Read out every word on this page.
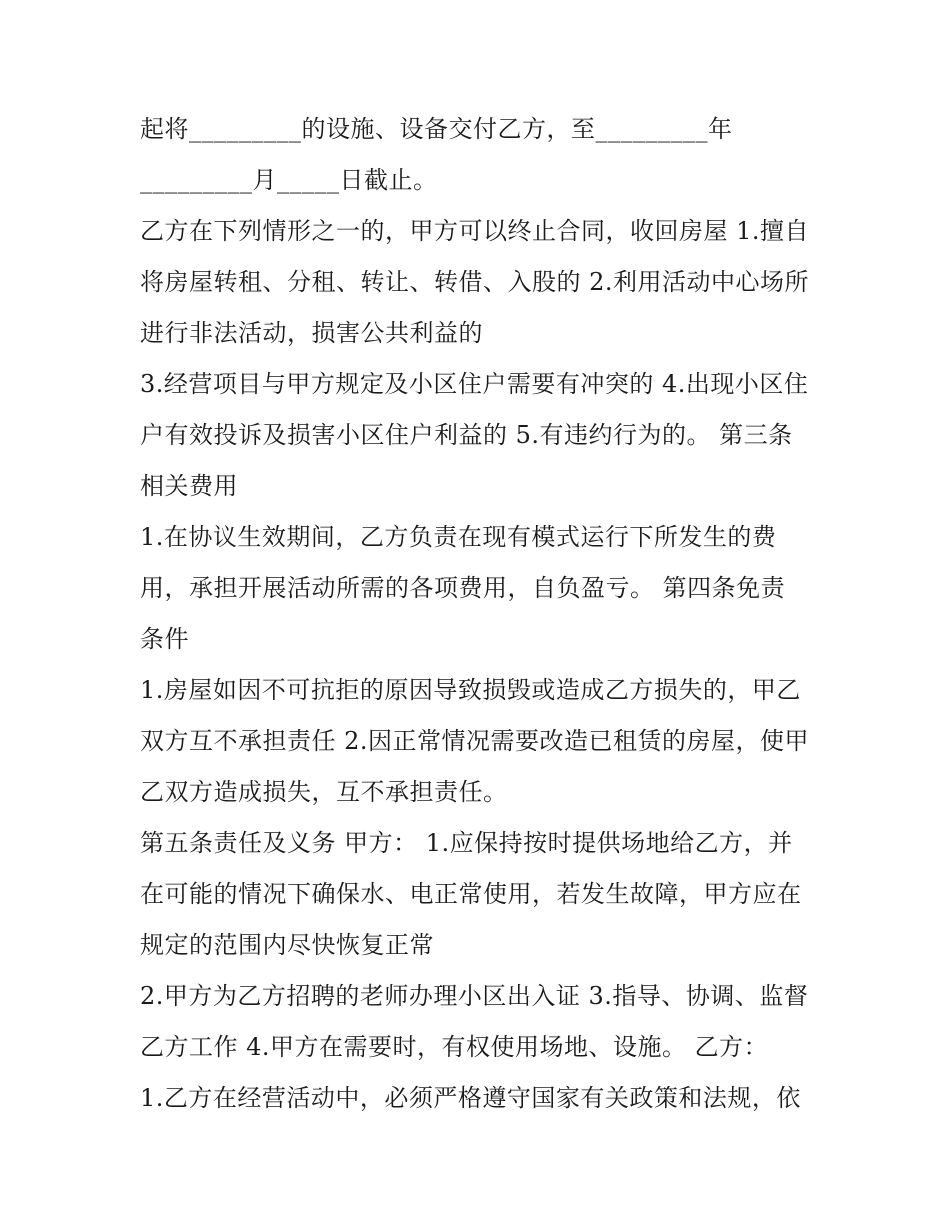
起将_________的设施、设备交付乙方，至_________年
_________月_____日截止。
乙方在下列情形之一的，甲方可以终止合同，收回房屋 1.擅自
将房屋转租、分租、转让、转借、入股的 2.利用活动中心场所
进行非法活动，损害公共利益的
3.经营项目与甲方规定及小区住户需要有冲突的 4.出现小区住
户有效投诉及损害小区住户利益的 5.有违约行为的。 第三条
相关费用
1.在协议生效期间，乙方负责在现有模式运行下所发生的费
用，承担开展活动所需的各项费用，自负盈亏。 第四条免责
条件
1.房屋如因不可抗拒的原因导致损毁或造成乙方损失的，甲乙
双方互不承担责任 2.因正常情况需要改造已租赁的房屋，使甲
乙双方造成损失，互不承担责任。
第五条责任及义务 甲方： 1.应保持按时提供场地给乙方，并
在可能的情况下确保水、电正常使用，若发生故障，甲方应在
规定的范围内尽快恢复正常
2.甲方为乙方招聘的老师办理小区出入证 3.指导、协调、监督
乙方工作 4.甲方在需要时，有权使用场地、设施。 乙方：
1.乙方在经营活动中，必须严格遵守国家有关政策和法规，依
